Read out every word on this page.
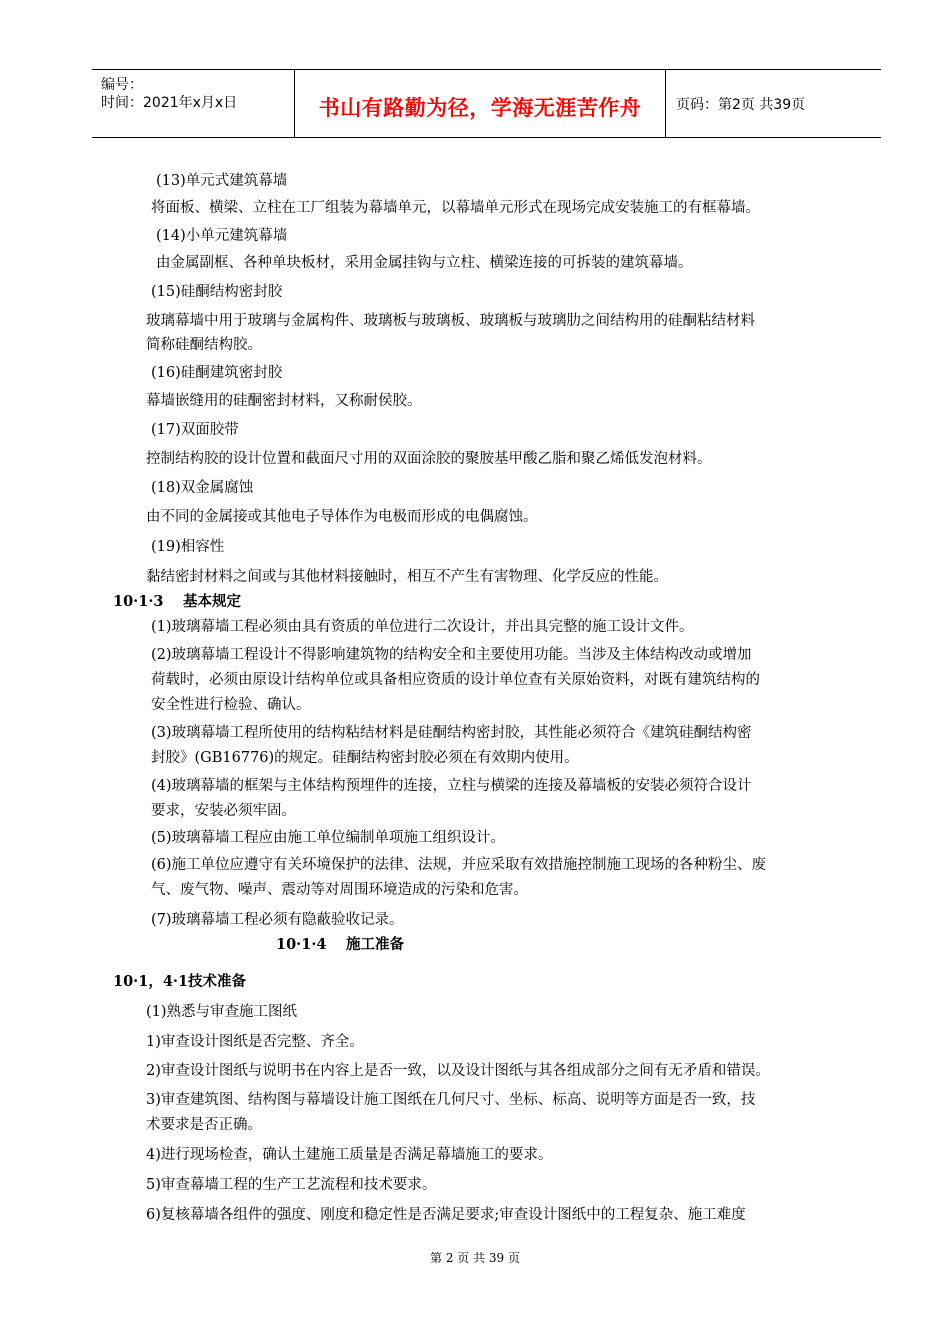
编号：
时间：2021年x月x日	书山有路勤为径，学海无涯苦作舟	页码：第2页 共39页
(13)单元式建筑幕墙
将面板、横梁、立柱在工厂组装为幕墙单元，以幕墙单元形式在现场完成安装施工的有框幕墙。
(14)小单元建筑幕墙
由金属副框、各种单块板材，采用金属挂钩与立柱、横梁连接的可拆装的建筑幕墙。
(15)硅酮结构密封胶
玻璃幕墙中用于玻璃与金属构件、玻璃板与玻璃板、玻璃板与玻璃肋之间结构用的硅酮粘结材料
简称硅酮结构胶。
(16)硅酮建筑密封胶
幕墙嵌缝用的硅酮密封材料，又称耐侯胶。
(17)双面胶带
控制结构胶的设计位置和截面尺寸用的双面涂胶的聚胺基甲酸乙脂和聚乙烯低发泡材料。
(18)双金属腐蚀
由不同的金属接或其他电子导体作为电极而形成的电偶腐蚀。
(19)相容性
黏结密封材料之间或与其他材料接触时，相互不产生有害物理、化学反应的性能。
10·1·3　 基本规定
(1)玻璃幕墙工程必须由具有资质的单位进行二次设计，并出具完整的施工设计文件。
(2)玻璃幕墙工程设计不得影响建筑物的结构安全和主要使用功能。当涉及主体结构改动或增加
荷载时，必须由原设计结构单位或具备相应资质的设计单位查有关原始资料，对既有建筑结构的
安全性进行检验、确认。
(3)玻璃幕墙工程所使用的结构粘结材料是硅酮结构密封胶，其性能必须符合《建筑硅酮结构密
封胶》(GB16776)的规定。硅酮结构密封胶必须在有效期内使用。
(4)玻璃幕墙的框架与主体结构预埋件的连接，立柱与横梁的连接及幕墙板的安装必须符合设计
要求，安装必须牢固。
(5)玻璃幕墙工程应由施工单位编制单项施工组织设计。
(6)施工单位应遵守有关环境保护的法律、法规，并应采取有效措施控制施工现场的各种粉尘、废
气、废气物、噪声、震动等对周围环境造成的污染和危害。
(7)玻璃幕墙工程必须有隐蔽验收记录。
10·1·4　 施工准备
10·1，4·1技术准备
(1)熟悉与审查施工图纸
1)审查设计图纸是否完整、齐全。
2)审查设计图纸与说明书在内容上是否一致，以及设计图纸与其各组成部分之间有无矛盾和错误。
3)审查建筑图、结构图与幕墙设计施工图纸在几何尺寸、坐标、标高、说明等方面是否一致，技
术要求是否正确。
4)进行现场检查，确认土建施工质量是否满足幕墙施工的要求。
5)审查幕墙工程的生产工艺流程和技术要求。
6)复核幕墙各组件的强度、刚度和稳定性是否满足要求;审查设计图纸中的工程复杂、施工难度
第 2 页 共 39 页
